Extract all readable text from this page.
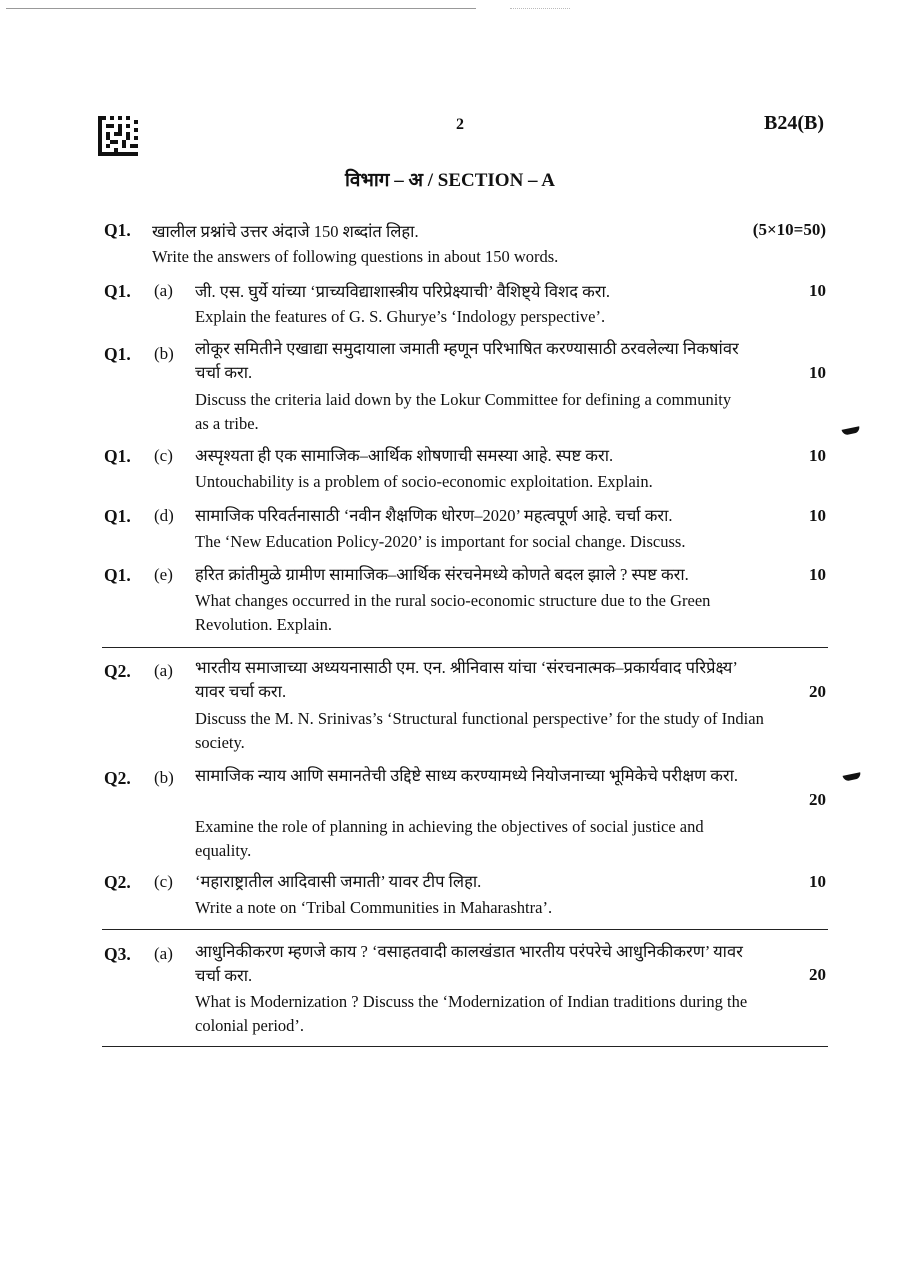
2	B24(B)
विभाग – अ / SECTION – A
Q1. खालील प्रश्नांचे उत्तर अंदाजे 150 शब्दांत लिहा.	(5×10=50)
Write the answers of following questions in about 150 words.
Q1. (a) जी. एस. घुर्ये यांच्या ‘प्राच्यविद्याशास्त्रीय परिप्रेक्ष्याची’ वैशिष्ट्ये विशद करा.	10
Explain the features of G. S. Ghurye’s ‘Indology perspective’.
Q1. (b) लोकूर समितीने एखाद्या समुदायाला जमाती म्हणून परिभाषित करण्यासाठी ठरवलेल्या निकषांवर चर्चा करा.	10
Discuss the criteria laid down by the Lokur Committee for defining a community as a tribe.
Q1. (c) अस्पृश्यता ही एक सामाजिक–आर्थिक शोषणाची समस्या आहे. स्पष्ट करा.	10
Untouchability is a problem of socio-economic exploitation. Explain.
Q1. (d) सामाजिक परिवर्तनासाठी ‘नवीन शैक्षणिक धोरण–2020’ महत्वपूर्ण आहे. चर्चा करा.	10
The ‘New Education Policy-2020’ is important for social change. Discuss.
Q1. (e) हरित क्रांतीमुळे ग्रामीण सामाजिक–आर्थिक संरचनेमध्ये कोणते बदल झाले ? स्पष्ट करा.	10
What changes occurred in the rural socio-economic structure due to the Green Revolution. Explain.
Q2. (a) भारतीय समाजाच्या अध्ययनासाठी एम. एन. श्रीनिवास यांचा ‘संरचनात्मक–प्रकार्यवाद परिप्रेक्ष्य’ यावर चर्चा करा.	20
Discuss the M. N. Srinivas’s ‘Structural functional perspective’ for the study of Indian society.
Q2. (b) सामाजिक न्याय आणि समानतेची उद्दिष्टे साध्य करण्यामध्ये नियोजनाच्या भूमिकेचे परीक्षण करा.
20
Examine the role of planning in achieving the objectives of social justice and equality.
Q2. (c) ‘महाराष्ट्रातील आदिवासी जमाती’ यावर टीप लिहा.	10
Write a note on ‘Tribal Communities in Maharashtra’.
Q3. (a) आधुनिकीकरण म्हणजे काय ? ‘वसाहतवादी कालखंडात भारतीय परंपरेचे आधुनिकीकरण’ यावर चर्चा करा.	20
What is Modernization ? Discuss the ‘Modernization of Indian traditions during the colonial period’.
